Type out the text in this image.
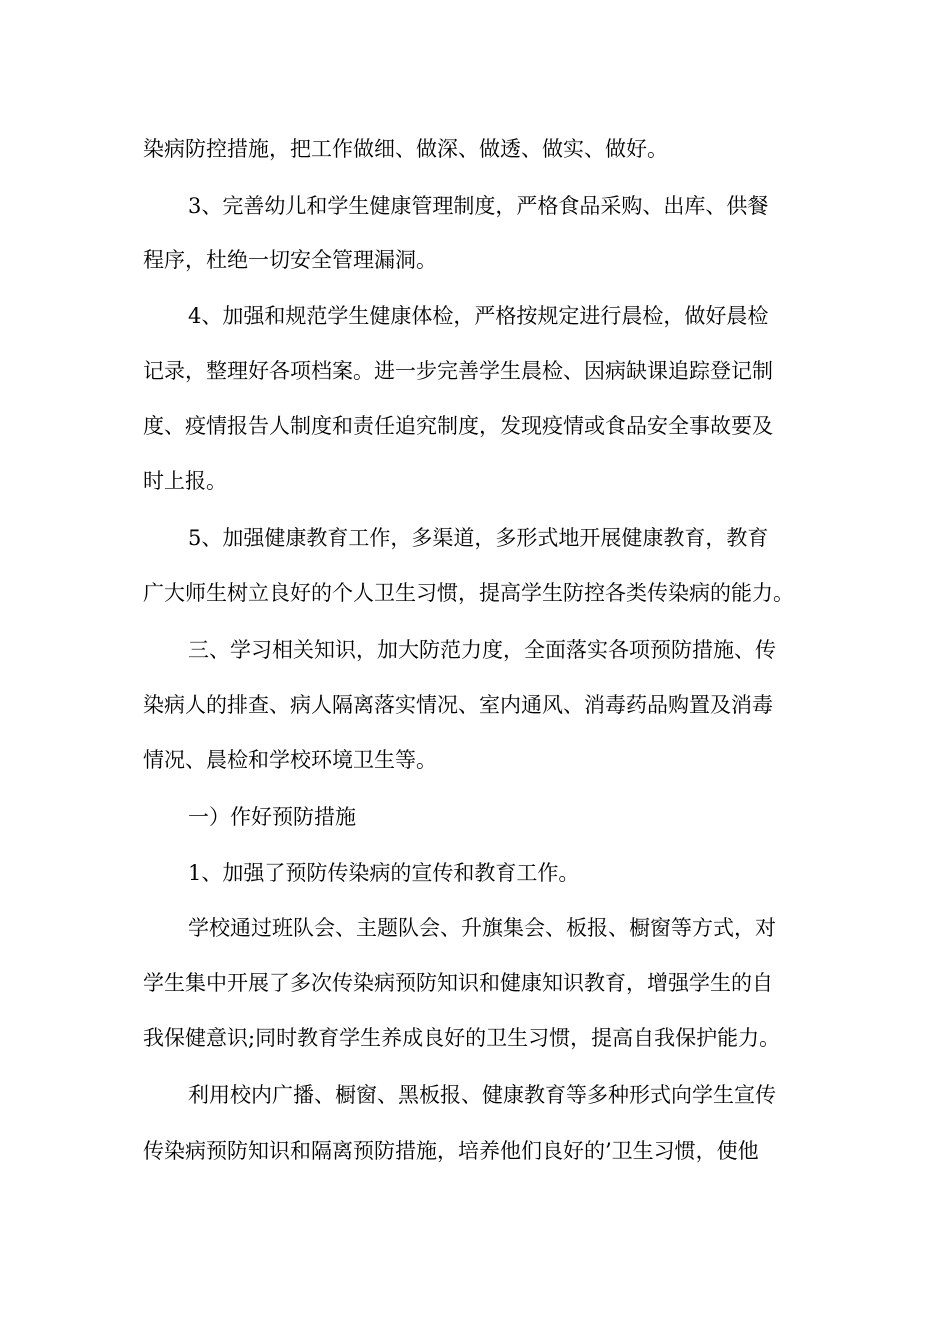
染病防控措施，把工作做细、做深、做透、做实、做好。

3、完善幼儿和学生健康管理制度，严格食品采购、出库、供餐

程序，杜绝一切安全管理漏洞。

4、加强和规范学生健康体检，严格按规定进行晨检，做好晨检

记录，整理好各项档案。进一步完善学生晨检、因病缺课追踪登记制

度、疫情报告人制度和责任追究制度，发现疫情或食品安全事故要及

时上报。

5、加强健康教育工作，多渠道，多形式地开展健康教育，教育

广大师生树立良好的个人卫生习惯，提高学生防控各类传染病的能力。

三、学习相关知识，加大防范力度，全面落实各项预防措施、传

染病人的排查、病人隔离落实情况、室内通风、消毒药品购置及消毒

情况、晨检和学校环境卫生等。

一）作好预防措施

1、加强了预防传染病的宣传和教育工作。

学校通过班队会、主题队会、升旗集会、板报、橱窗等方式，对

学生集中开展了多次传染病预防知识和健康知识教育，增强学生的自

我保健意识;同时教育学生养成良好的卫生习惯，提高自我保护能力。

利用校内广播、橱窗、黑板报、健康教育等多种形式向学生宣传

传染病预防知识和隔离预防措施，培养他们良好的’卫生习惯，使他
